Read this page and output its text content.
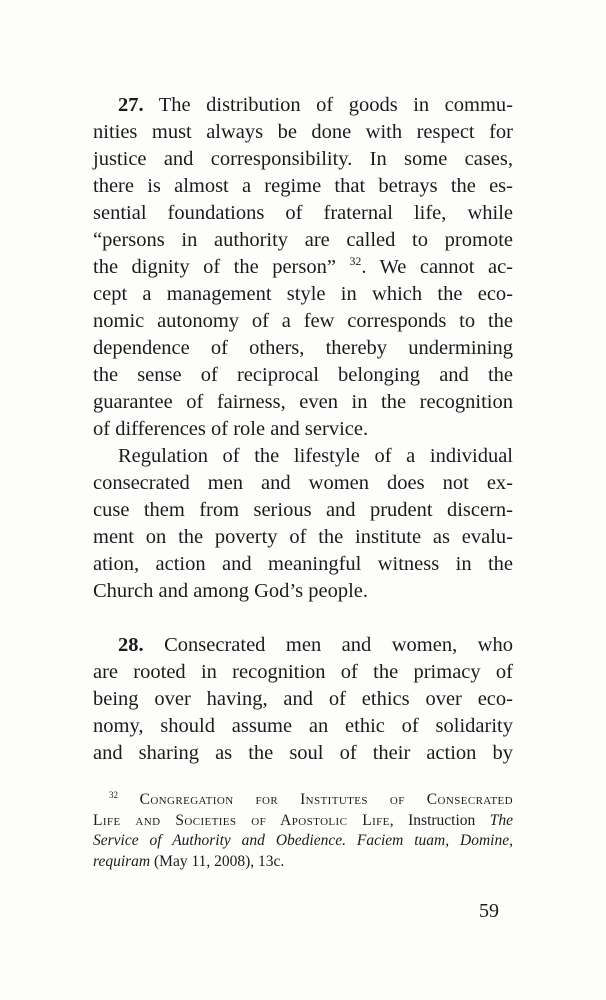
27. The distribution of goods in commu-
nities must always be done with respect for
justice and corresponsibility. In some cases,
there is almost a regime that betrays the es-
sential foundations of fraternal life, while
“persons in authority are called to promote
the dignity of the person” $^{32}$. We cannot ac-
cept a management style in which the eco-
nomic autonomy of a few corresponds to the
dependence of others, thereby undermining
the sense of reciprocal belonging and the
guarantee of fairness, even in the recognition
of differences of role and service.
Regulation of the lifestyle of a individual
consecrated men and women does not ex-
cuse them from serious and prudent discern-
ment on the poverty of the institute as evalu-
ation, action and meaningful witness in the
Church and among God’s people.
28. Consecrated men and women, who
are rooted in recognition of the primacy of
being over having, and of ethics over eco-
nomy, should assume an ethic of solidarity
and sharing as the soul of their action by
$^{32}$ Congregation for Institutes of Consecrated
Life and Societies of Apostolic Life, Instruction The
Service of Authority and Obedience. Faciem tuam, Domine,
requiram (May 11, 2008), 13c.
59
